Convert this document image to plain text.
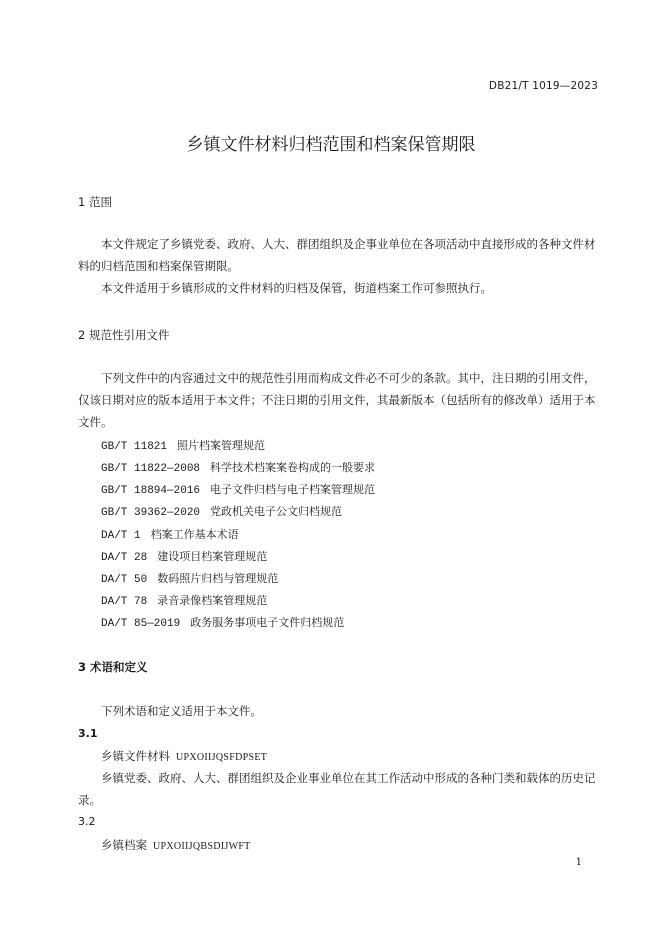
DB21/T 1019—2023
乡镇文件材料归档范围和档案保管期限
1 范围
本文件规定了乡镇党委、政府、人大、群团组织及企事业单位在各项活动中直接形成的各种文件材料的归档范围和档案保管期限。
本文件适用于乡镇形成的文件材料的归档及保管，街道档案工作可参照执行。
2 规范性引用文件
下列文件中的内容通过文中的规范性引用而构成文件必不可少的条款。其中，注日期的引用文件，仅该日期对应的版本适用于本文件；不注日期的引用文件，其最新版本（包括所有的修改单）适用于本文件。
GB/T 11821 照片档案管理规范
GB/T 11822—2008 科学技术档案案卷构成的一般要求
GB/T 18894—2016 电子文件归档与电子档案管理规范
GB/T 39362—2020 党政机关电子公文归档规范
DA/T 1 档案工作基本术语
DA/T 28 建设项目档案管理规范
DA/T 50 数码照片归档与管理规范
DA/T 78 录音录像档案管理规范
DA/T 85—2019 政务服务事项电子文件归档规范
3 术语和定义
下列术语和定义适用于本文件。
3.1
乡镇文件材料 UPXOIIJQSFDPSET
乡镇党委、政府、人大、群团组织及企业事业单位在其工作活动中形成的各种门类和载体的历史记录。
3.2
乡镇档案 UPXOIIJQBSDIJWFT
1
